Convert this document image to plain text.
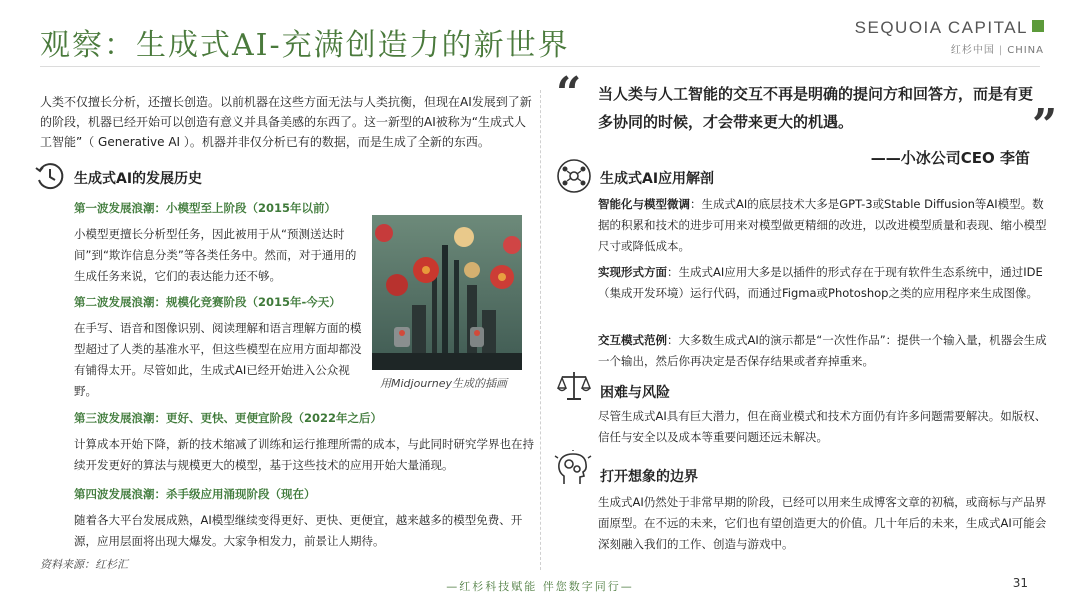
观察：生成式AI-充满创造力的新世界
SEQUOIA CAPITAL
红杉中国 | CHINA
人类不仅擅长分析，还擅长创造。以前机器在这些方面无法与人类抗衡，但现在AI发展到了新的阶段，机器已经开始可以创造有意义并具备美感的东西了。这一新型的AI被称为“生成式人工智能”（ Generative AI ）。机器并非仅分析已有的数据，而是生成了全新的东西。
生成式AI的发展历史
第一波发展浪潮：小模型至上阶段（2015年以前）
小模型更擅长分析型任务，因此被用于从“预测送达时间”到“欺诈信息分类”等各类任务中。然而，对于通用的生成任务来说，它们的表达能力还不够。
第二波发展浪潮：规模化竞赛阶段（2015年-今天）
在手写、语音和图像识别、阅读理解和语言理解方面的模型超过了人类的基准水平，但这些模型在应用方面却都没有铺得太开。尽管如此，生成式AI已经开始进入公众视野。
用Midjourney生成的插画
第三波发展浪潮：更好、更快、更便宜阶段（2022年之后）
计算成本开始下降，新的技术缩减了训练和运行推理所需的成本，与此同时研究学界也在持续开发更好的算法与规模更大的模型，基于这些技术的应用开始大量涌现。
第四波发展浪潮：杀手级应用涌现阶段（现在）
随着各大平台发展成熟，AI模型继续变得更好、更快、更便宜，越来越多的模型免费、开源，应用层面将出现大爆发。大家争相发力，前景让人期待。
资料来源：红杉汇
“ 当人类与人工智能的交互不再是明确的提问方和回答方，而是有更多协同的时候，才会带来更大的机遇。	”
——小冰公司CEO 李笛
生成式AI应用解剖
智能化与模型微调：生成式AI的底层技术大多是GPT-3或Stable Diffusion等AI模型。数据的积累和技术的进步可用来对模型做更精细的改进，以改进模型质量和表现、缩小模型尺寸或降低成本。
实现形式方面：生成式AI应用大多是以插件的形式存在于现有软件生态系统中，通过IDE（集成开发环境）运行代码，而通过Figma或Photoshop之类的应用程序来生成图像。
交互模式范例：大多数生成式AI的演示都是“一次性作品”：提供一个输入量，机器会生成一个输出，然后你再决定是否保存结果或者弃掉重来。
困难与风险
尽管生成式AI具有巨大潜力，但在商业模式和技术方面仍有许多问题需要解决。如版权、信任与安全以及成本等重要问题还远未解决。
打开想象的边界
生成式AI仍然处于非常早期的阶段，已经可以用来生成博客文章的初稿，或商标与产品界面原型。在不远的未来，它们也有望创造更大的价值。几十年后的未来，生成式AI可能会深刻融入我们的工作、创造与游戏中。
—红杉科技赋能 伴您数字同行—	31
